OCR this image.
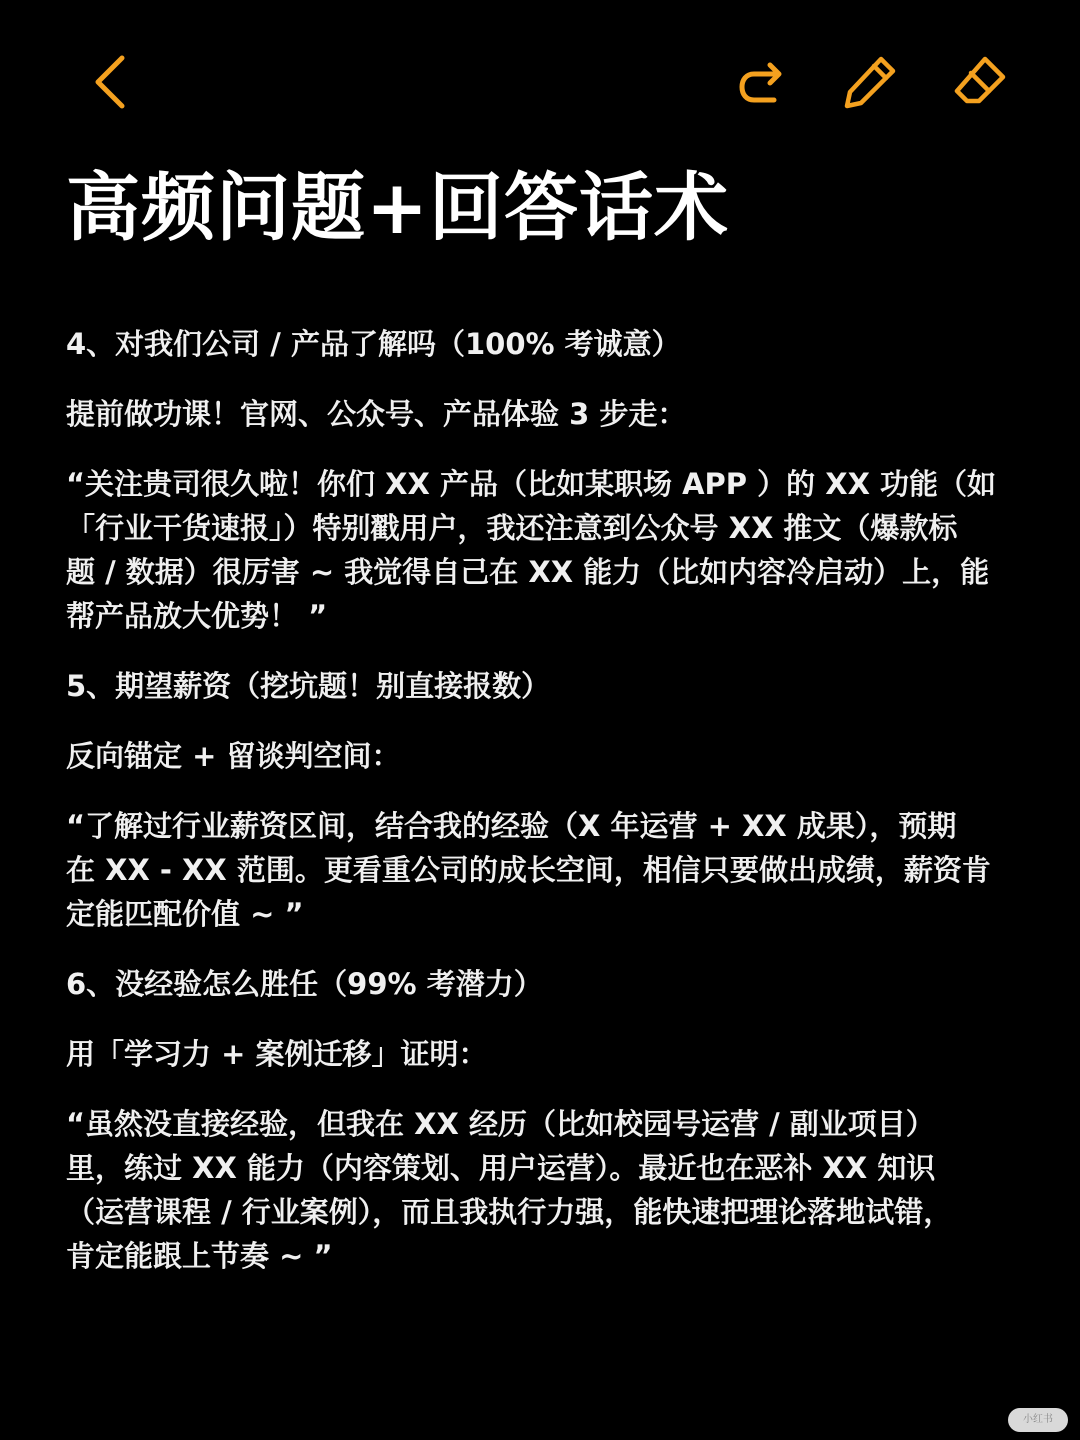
高频问题+回答话术

4、对我们公司 / 产品了解吗（100% 考诚意）

提前做功课！官网、公众号、产品体验 3 步走：

“关注贵司很久啦！你们 XX 产品（比如某职场 APP ）的 XX 功能（如

「行业干货速报」）特别戳用户，我还注意到公众号 XX 推文（爆款标

题 / 数据）很厉害 ~ 我觉得自己在 XX 能力（比如内容冷启动）上，能

帮产品放大优势！ ”

5、期望薪资（挖坑题！别直接报数）

反向锚定 + 留谈判空间：

“了解过行业薪资区间，结合我的经验（X 年运营 + XX 成果），预期

在 XX - XX 范围。更看重公司的成长空间，相信只要做出成绩，薪资肯

定能匹配价值 ~ ”

6、没经验怎么胜任（99% 考潜力）

用「学习力 + 案例迁移」证明：

“虽然没直接经验，但我在 XX 经历（比如校园号运营 / 副业项目）

里，练过 XX 能力（内容策划、用户运营）。最近也在恶补 XX 知识

（运营课程 / 行业案例），而且我执行力强，能快速把理论落地试错，

肯定能跟上节奏 ~ ”

小红书
